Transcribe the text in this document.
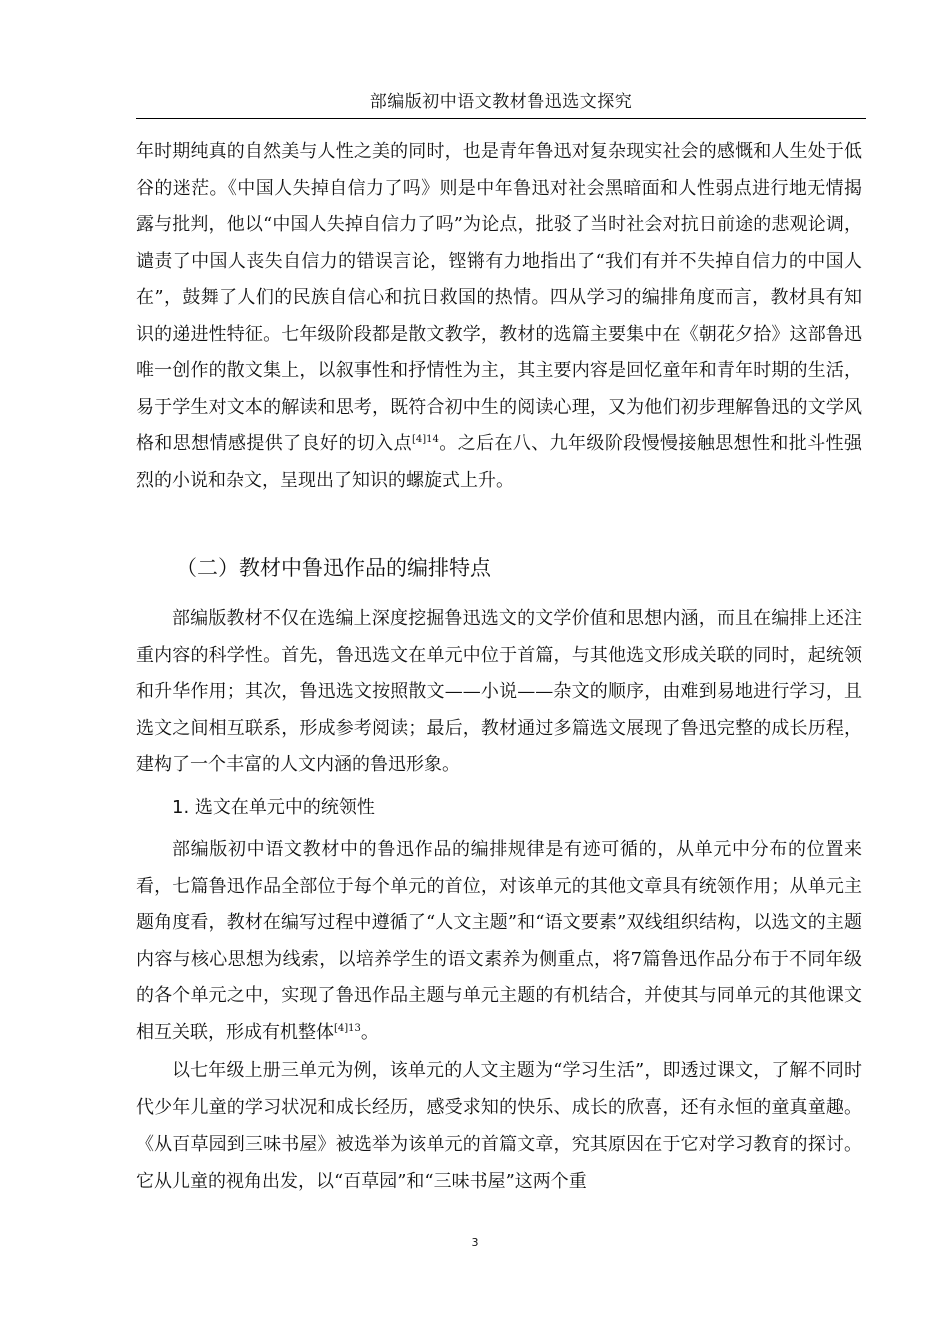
部编版初中语文教材鲁迅选文探究

年时期纯真的自然美与人性之美的同时，也是青年鲁迅对复杂现实社会的感慨和人生处于低谷的迷茫。《中国人失掉自信力了吗》则是中年鲁迅对社会黑暗面和人性弱点进行地无情揭露与批判，他以“中国人失掉自信力了吗”为论点，批驳了当时社会对抗日前途的悲观论调，谴责了中国人丧失自信力的错误言论，铿锵有力地指出了“我们有并不失掉自信力的中国人在”，鼓舞了人们的民族自信心和抗日救国的热情。四从学习的编排角度而言，教材具有知识的递进性特征。七年级阶段都是散文教学，教材的选篇主要集中在《朝花夕拾》这部鲁迅唯一创作的散文集上，以叙事性和抒情性为主，其主要内容是回忆童年和青年时期的生活，易于学生对文本的解读和思考，既符合初中生的阅读心理，又为他们初步理解鲁迅的文学风格和思想情感提供了良好的切入点$^{[4]14}$。之后在八、九年级阶段慢慢接触思想性和批斗性强烈的小说和杂文，呈现出了知识的螺旋式上升。

（二）教材中鲁迅作品的编排特点

部编版教材不仅在选编上深度挖掘鲁迅选文的文学价值和思想内涵，而且在编排上还注重内容的科学性。首先，鲁迅选文在单元中位于首篇，与其他选文形成关联的同时，起统领和升华作用；其次，鲁迅选文按照散文——小说——杂文的顺序，由难到易地进行学习，且选文之间相互联系，形成参考阅读；最后，教材通过多篇选文展现了鲁迅完整的成长历程，建构了一个丰富的人文内涵的鲁迅形象。

1. 选文在单元中的统领性

部编版初中语文教材中的鲁迅作品的编排规律是有迹可循的，从单元中分布的位置来看，七篇鲁迅作品全部位于每个单元的首位，对该单元的其他文章具有统领作用；从单元主题角度看，教材在编写过程中遵循了“人文主题”和“语文要素”双线组织结构，以选文的主题内容与核心思想为线索，以培养学生的语文素养为侧重点，将7篇鲁迅作品分布于不同年级的各个单元之中，实现了鲁迅作品主题与单元主题的有机结合，并使其与同单元的其他课文相互关联，形成有机整体$^{[4]13}$。

以七年级上册三单元为例，该单元的人文主题为“学习生活”，即透过课文，了解不同时代少年儿童的学习状况和成长经历，感受求知的快乐、成长的欣喜，还有永恒的童真童趣。《从百草园到三味书屋》被选举为该单元的首篇文章，究其原因在于它对学习教育的探讨。它从儿童的视角出发，以“百草园”和“三味书屋”这两个重

3
